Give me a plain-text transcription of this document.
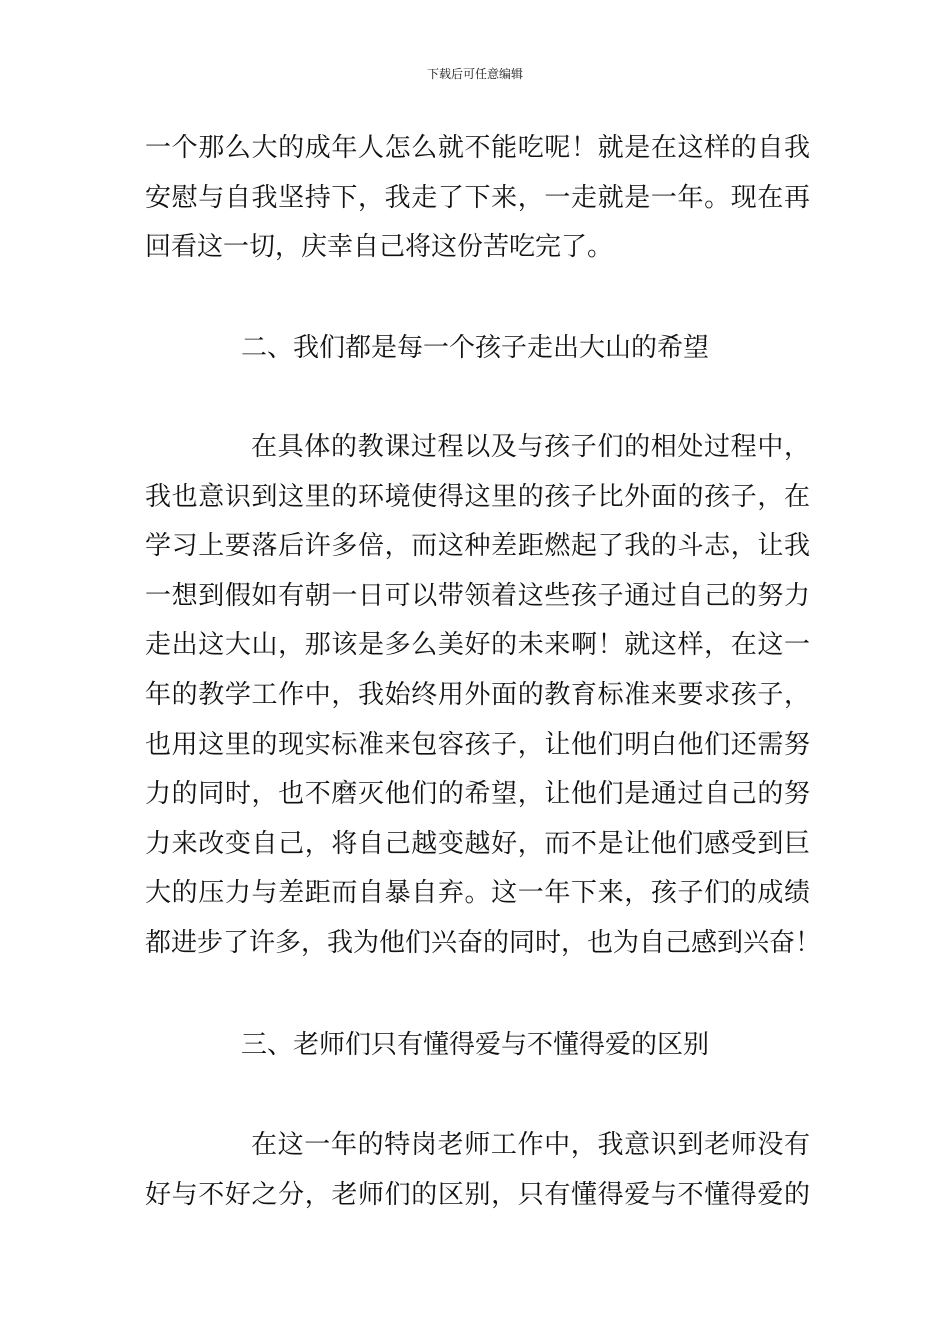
下载后可任意编辑
一个那么大的成年人怎么就不能吃呢！就是在这样的自我
安慰与自我坚持下，我走了下来，一走就是一年。现在再
回看这一切，庆幸自己将这份苦吃完了。
二、我们都是每一个孩子走出大山的希望
在具体的教课过程以及与孩子们的相处过程中，
我也意识到这里的环境使得这里的孩子比外面的孩子，在
学习上要落后许多倍，而这种差距燃起了我的斗志，让我
一想到假如有朝一日可以带领着这些孩子通过自己的努力
走出这大山，那该是多么美好的未来啊！就这样，在这一
年的教学工作中，我始终用外面的教育标准来要求孩子，
也用这里的现实标准来包容孩子，让他们明白他们还需努
力的同时，也不磨灭他们的希望，让他们是通过自己的努
力来改变自己，将自己越变越好，而不是让他们感受到巨
大的压力与差距而自暴自弃。这一年下来，孩子们的成绩
都进步了许多，我为他们兴奋的同时，也为自己感到兴奋！
三、老师们只有懂得爱与不懂得爱的区别
在这一年的特岗老师工作中，我意识到老师没有
好与不好之分，老师们的区别，只有懂得爱与不懂得爱的
